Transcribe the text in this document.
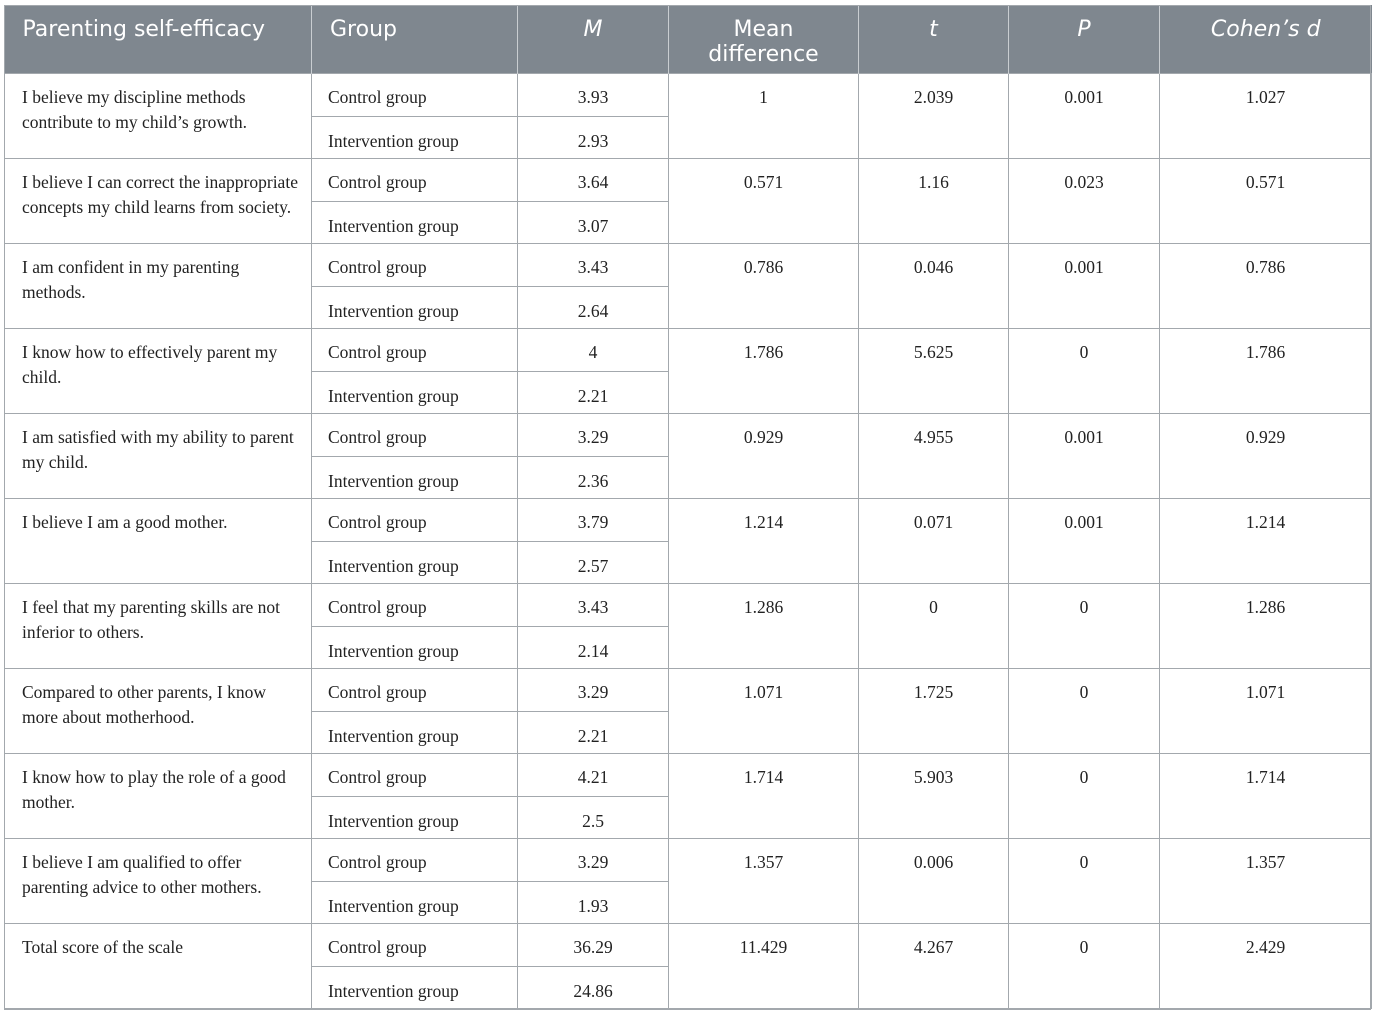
Parenting self-efficacy	Group	M	Mean difference	t	P	Cohen’s d
I believe my discipline methods contribute to my child’s growth.	Control group	3.93	1	2.039	0.001	1.027
	Intervention group	2.93				
I believe I can correct the inappropriate concepts my child learns from society.	Control group	3.64	0.571	1.16	0.023	0.571
	Intervention group	3.07				
I am confident in my parenting methods.	Control group	3.43	0.786	0.046	0.001	0.786
	Intervention group	2.64				
I know how to effectively parent my child.	Control group	4	1.786	5.625	0	1.786
	Intervention group	2.21				
I am satisfied with my ability to parent my child.	Control group	3.29	0.929	4.955	0.001	0.929
	Intervention group	2.36				
I believe I am a good mother.	Control group	3.79	1.214	0.071	0.001	1.214
	Intervention group	2.57				
I feel that my parenting skills are not inferior to others.	Control group	3.43	1.286	0	0	1.286
	Intervention group	2.14				
Compared to other parents, I know more about motherhood.	Control group	3.29	1.071	1.725	0	1.071
	Intervention group	2.21				
I know how to play the role of a good mother.	Control group	4.21	1.714	5.903	0	1.714
	Intervention group	2.5				
I believe I am qualified to offer parenting advice to other mothers.	Control group	3.29	1.357	0.006	0	1.357
	Intervention group	1.93				
Total score of the scale	Control group	36.29	11.429	4.267	0	2.429
	Intervention group	24.86				
